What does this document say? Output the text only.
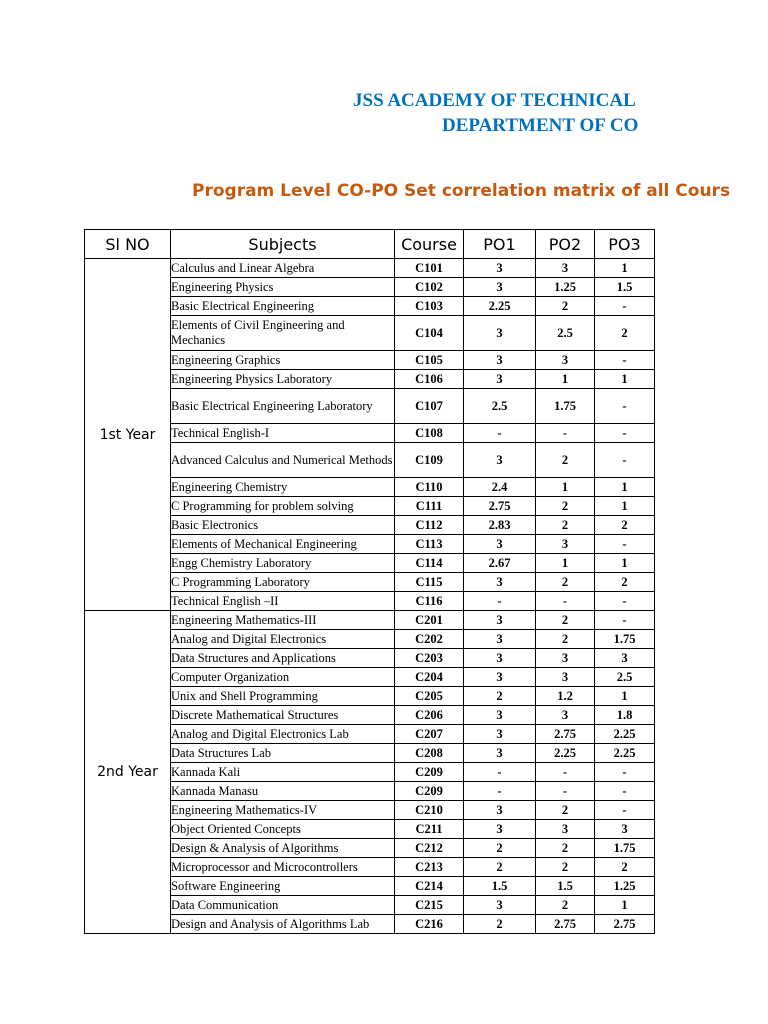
JSS ACADEMY OF TECHNICAL
DEPARTMENT OF CO
Program Level CO-PO Set correlation matrix of all Cours
Sl NO	Subjects	Course	PO1	PO2	PO3
1st Year	Calculus and Linear Algebra	C101	3	3	1
	Engineering Physics	C102	3	1.25	1.5
	Basic Electrical Engineering	C103	2.25	2	-
	Elements of Civil Engineering and Mechanics	C104	3	2.5	2
	Engineering Graphics	C105	3	3	-
	Engineering Physics Laboratory	C106	3	1	1
	Basic Electrical Engineering Laboratory	C107	2.5	1.75	-
	Technical English-I	C108	-	-	-
	Advanced Calculus and Numerical Methods	C109	3	2	-
	Engineering Chemistry	C110	2.4	1	1
	C Programming for problem solving	C111	2.75	2	1
	Basic Electronics	C112	2.83	2	2
	Elements of Mechanical Engineering	C113	3	3	-
	Engg Chemistry Laboratory	C114	2.67	1	1
	C Programming Laboratory	C115	3	2	2
	Technical English –II	C116	-	-	-
2nd Year	Engineering Mathematics-III	C201	3	2	-
	Analog and Digital Electronics	C202	3	2	1.75
	Data Structures and Applications	C203	3	3	3
	Computer Organization	C204	3	3	2.5
	Unix and Shell Programming	C205	2	1.2	1
	Discrete Mathematical Structures	C206	3	3	1.8
	Analog and Digital Electronics Lab	C207	3	2.75	2.25
	Data Structures Lab	C208	3	2.25	2.25
	Kannada Kali	C209	-	-	-
	Kannada Manasu	C209	-	-	-
	Engineering Mathematics-IV	C210	3	2	-
	Object Oriented Concepts	C211	3	3	3
	Design & Analysis of Algorithms	C212	2	2	1.75
	Microprocessor and Microcontrollers	C213	2	2	2
	Software Engineering	C214	1.5	1.5	1.25
	Data Communication	C215	3	2	1
	Design and Analysis of Algorithms Lab	C216	2	2.75	2.75
